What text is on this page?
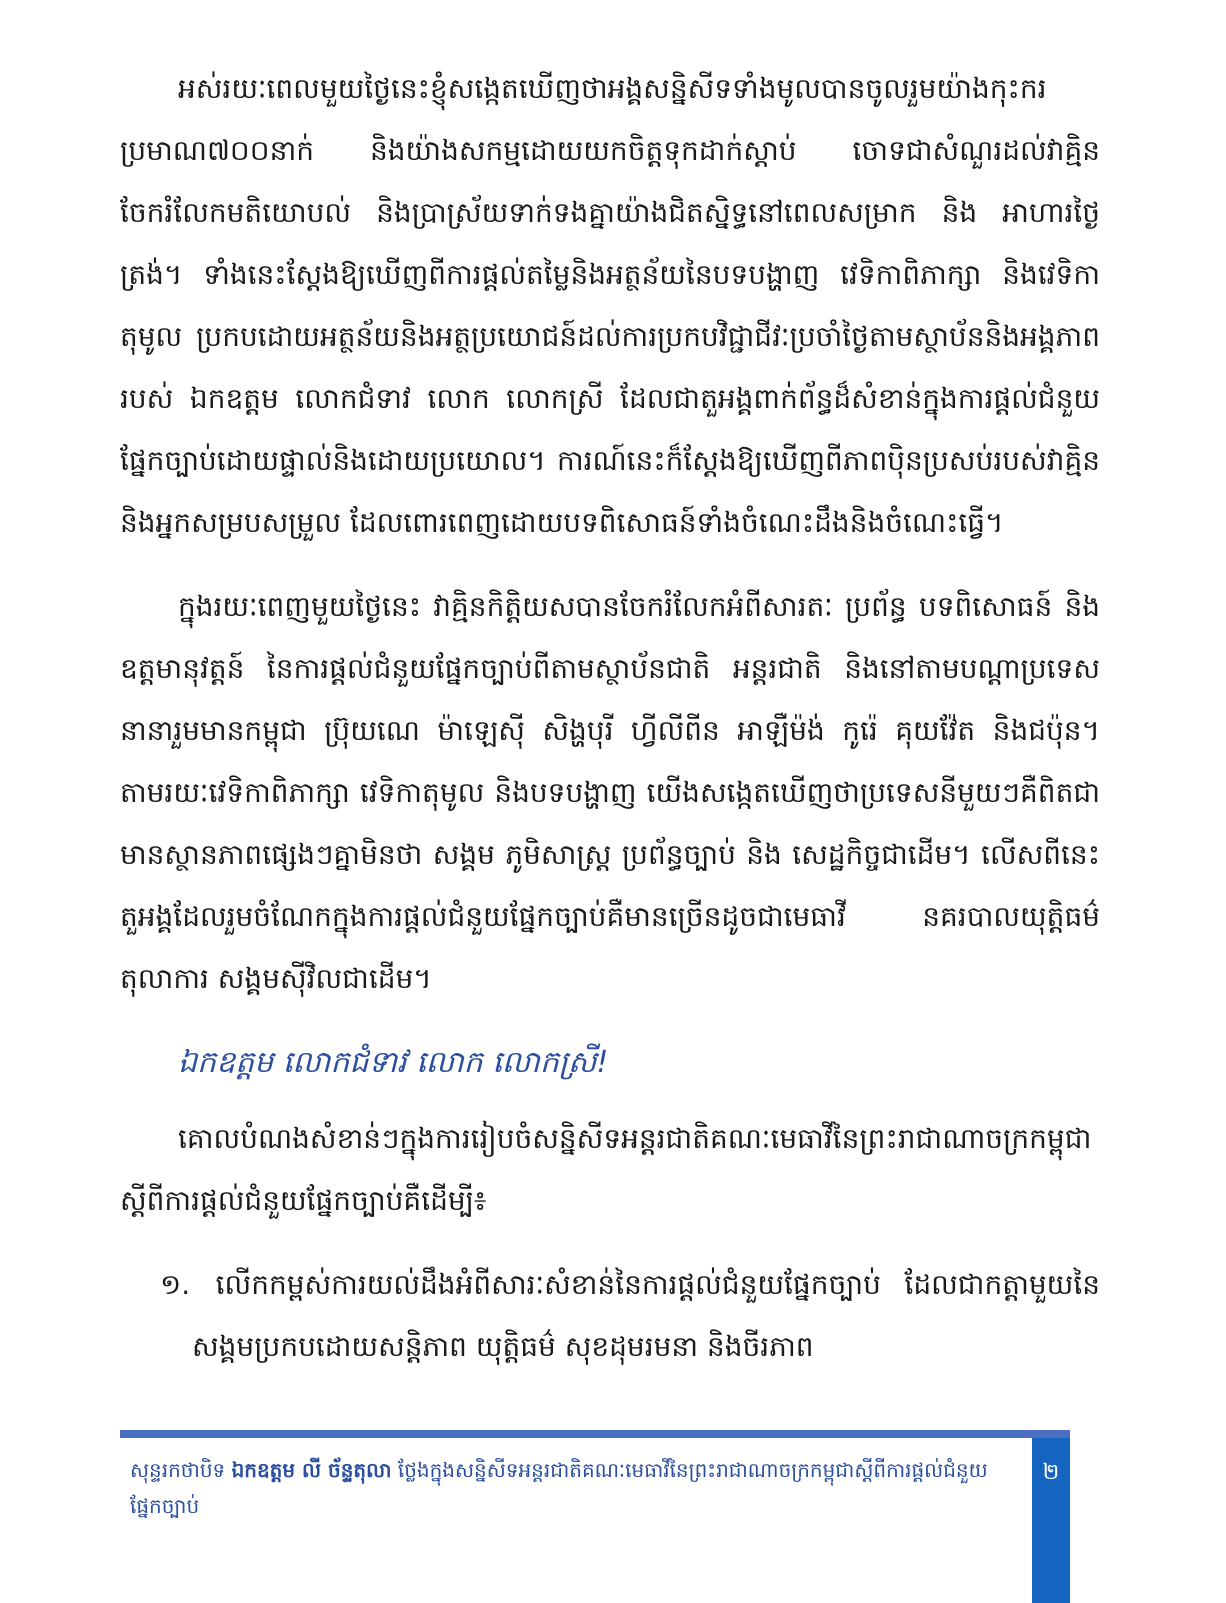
អស់រយៈពេលមួយថ្ងៃនេះខ្ញុំសង្កេតឃើញថាអង្គសន្និសីទទាំងមូលបានចូលរួមយ៉ាងកុះករប្រមាណ៧០០នាក់ និងយ៉ាងសកម្មដោយយកចិត្តទុកដាក់ស្តាប់ ចោទជាសំណួរដល់វាគ្មិន ចែករំលែកមតិយោបល់ និងប្រាស្រ័យទាក់ទងគ្នាយ៉ាងជិតស្និទ្ធនៅពេលសម្រាក និង អាហារថ្ងៃត្រង់។ ទាំងនេះស្តែងឱ្យឃើញពីការផ្តល់តម្លៃនិងអត្ថន័យនៃបទបង្ហាញ វេទិកាពិភាក្សា និងវេទិកាតុមូល ប្រកបដោយអត្ថន័យនិងអត្ថប្រយោជន៍ដល់ការប្រកបវិជ្ជាជីវៈប្រចាំថ្ងៃតាមស្ថាប័ននិងអង្គភាពរបស់ ឯកឧត្តម លោកជំទាវ លោក លោកស្រី ដែលជាតួអង្គពាក់ព័ន្ធដ៏សំខាន់ក្នុងការផ្តល់ជំនួយផ្នែកច្បាប់ដោយផ្ទាល់និងដោយប្រយោល។ ការណ៍នេះក៏ស្តែងឱ្យឃើញពីភាពប៉ិនប្រសប់របស់វាគ្មិននិងអ្នកសម្របសម្រួល ដែលពោរពេញដោយបទពិសោធន៍ទាំងចំណេះដឹងនិងចំណេះធ្វើ។

ក្នុងរយៈពេញមួយថ្ងៃនេះ វាគ្មិនកិត្តិយសបានចែករំលែកអំពីសារតៈ ប្រព័ន្ធ បទពិសោធន៍ និងឧត្តមានុវត្តន៍ នៃការផ្តល់ជំនួយផ្នែកច្បាប់ពីតាមស្ថាប័នជាតិ អន្តរជាតិ និងនៅតាមបណ្តាប្រទេសនានារួមមានកម្ពុជា ប្រ៊ុយណេ ម៉ាឡេស៊ី សិង្ហបុរី ហ្វីលីពីន អាឡឺម៉ង់ កូរ៉េ គុយវ៉ែត និងជប៉ុន។ តាមរយៈវេទិកាពិភាក្សា វេទិកាតុមូល និងបទបង្ហាញ យើងសង្កេតឃើញថាប្រទេសនីមួយៗគឺពិតជាមានស្ថានភាពផ្សេងៗគ្នាមិនថា សង្គម ភូមិសាស្ត្រ ប្រព័ន្ធច្បាប់ និង សេដ្ឋកិច្ចជាដើម។ លើសពីនេះ តួអង្គដែលរួមចំណែកក្នុងការផ្តល់ជំនួយផ្នែកច្បាប់គឺមានច្រើនដូចជាមេធាវី នគរបាលយុត្តិធម៌ តុលាការ សង្គមស៊ីវិលជាដើម។

ឯកឧត្តម លោកជំទាវ លោក លោកស្រី!

គោលបំណងសំខាន់ៗក្នុងការរៀបចំសន្និសីទអន្តរជាតិគណៈមេធាវីនៃព្រះរាជាណាចក្រកម្ពុជាស្តីពីការផ្តល់ជំនួយផ្នែកច្បាប់គឺដើម្បី៖

១. លើកកម្ពស់ការយល់ដឹងអំពីសារៈសំខាន់នៃការផ្តល់ជំនួយផ្នែកច្បាប់ ដែលជាកត្តាមួយនៃសង្គមប្រកបដោយសន្តិភាព យុត្តិធម៌ សុខដុមរមនា និងចីរភាព
សុន្ទរកថាបិទ ឯកឧត្តម លី ច័ន្ទតុលា ថ្លែងក្នុងសន្និសីទអន្តរជាតិគណៈមេធាវីនៃព្រះរាជាណាចក្រកម្ពុជាស្តីពីការផ្តល់ជំនួយផ្នែកច្បាប់
២
